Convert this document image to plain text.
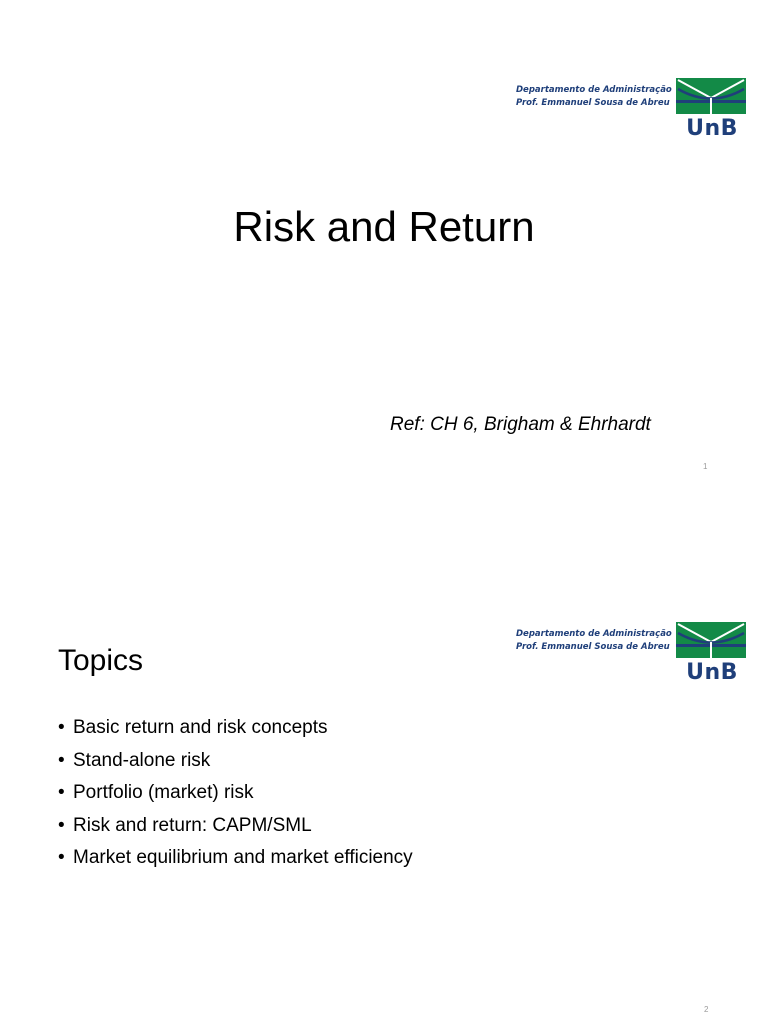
Departamento de Administração
Prof. Emmanuel Sousa de Abreu
UnB
Risk and Return
Ref: CH 6, Brigham & Ehrhardt
1
Departamento de Administração
Prof. Emmanuel Sousa de Abreu
UnB
Topics
• Basic return and risk concepts
• Stand-alone risk
• Portfolio (market) risk
• Risk and return: CAPM/SML
• Market equilibrium and market efficiency
2
